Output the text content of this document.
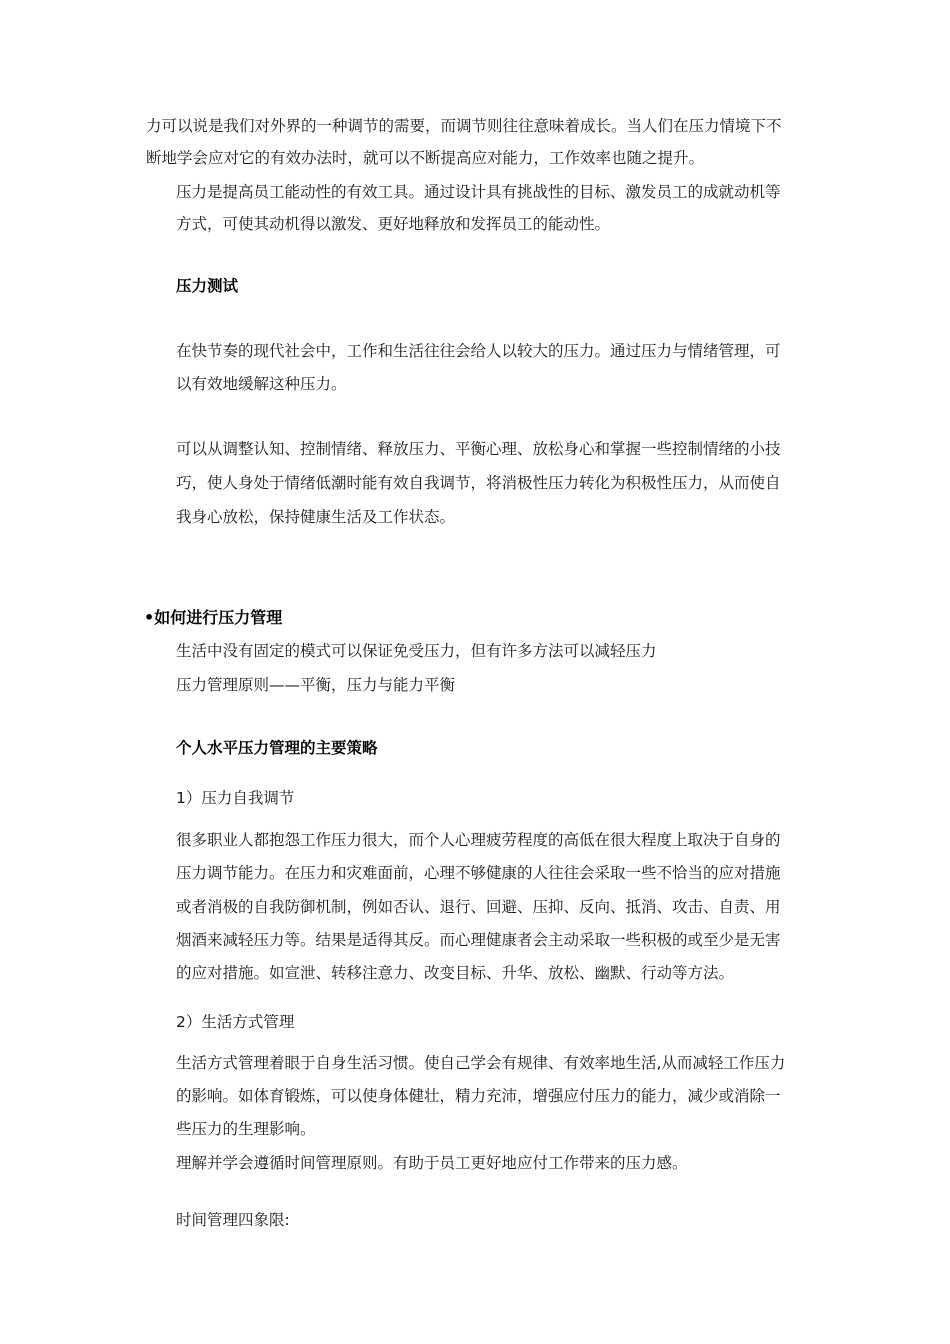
力可以说是我们对外界的一种调节的需要，而调节则往往意味着成长。当人们在压力情境下不
断地学会应对它的有效办法时，就可以不断提高应对能力，工作效率也随之提升。
压力是提高员工能动性的有效工具。通过设计具有挑战性的目标、激发员工的成就动机等
方式，可使其动机得以激发、更好地释放和发挥员工的能动性。
压力测试
在快节奏的现代社会中，工作和生活往往会给人以较大的压力。通过压力与情绪管理，可
以有效地缓解这种压力。
可以从调整认知、控制情绪、释放压力、平衡心理、放松身心和掌握一些控制情绪的小技
巧，使人身处于情绪低潮时能有效自我调节，将消极性压力转化为积极性压力，从而使自
我身心放松，保持健康生活及工作状态。
•如何进行压力管理
生活中没有固定的模式可以保证免受压力，但有许多方法可以减轻压力
压力管理原则——平衡，压力与能力平衡
个人水平压力管理的主要策略
1）压力自我调节
很多职业人都抱怨工作压力很大，而个人心理疲劳程度的高低在很大程度上取决于自身的
压力调节能力。在压力和灾难面前，心理不够健康的人往往会采取一些不恰当的应对措施
或者消极的自我防御机制，例如否认、退行、回避、压抑、反向、抵消、攻击、自责、用
烟酒来减轻压力等。结果是适得其反。而心理健康者会主动采取一些积极的或至少是无害
的应对措施。如宣泄、转移注意力、改变目标、升华、放松、幽默、行动等方法。
2）生活方式管理
生活方式管理着眼于自身生活习惯。使自己学会有规律、有效率地生活,从而减轻工作压力
的影响。如体育锻炼，可以使身体健壮，精力充沛，增强应付压力的能力，减少或消除一
些压力的生理影响。
理解并学会遵循时间管理原则。有助于员工更好地应付工作带来的压力感。
时间管理四象限:
